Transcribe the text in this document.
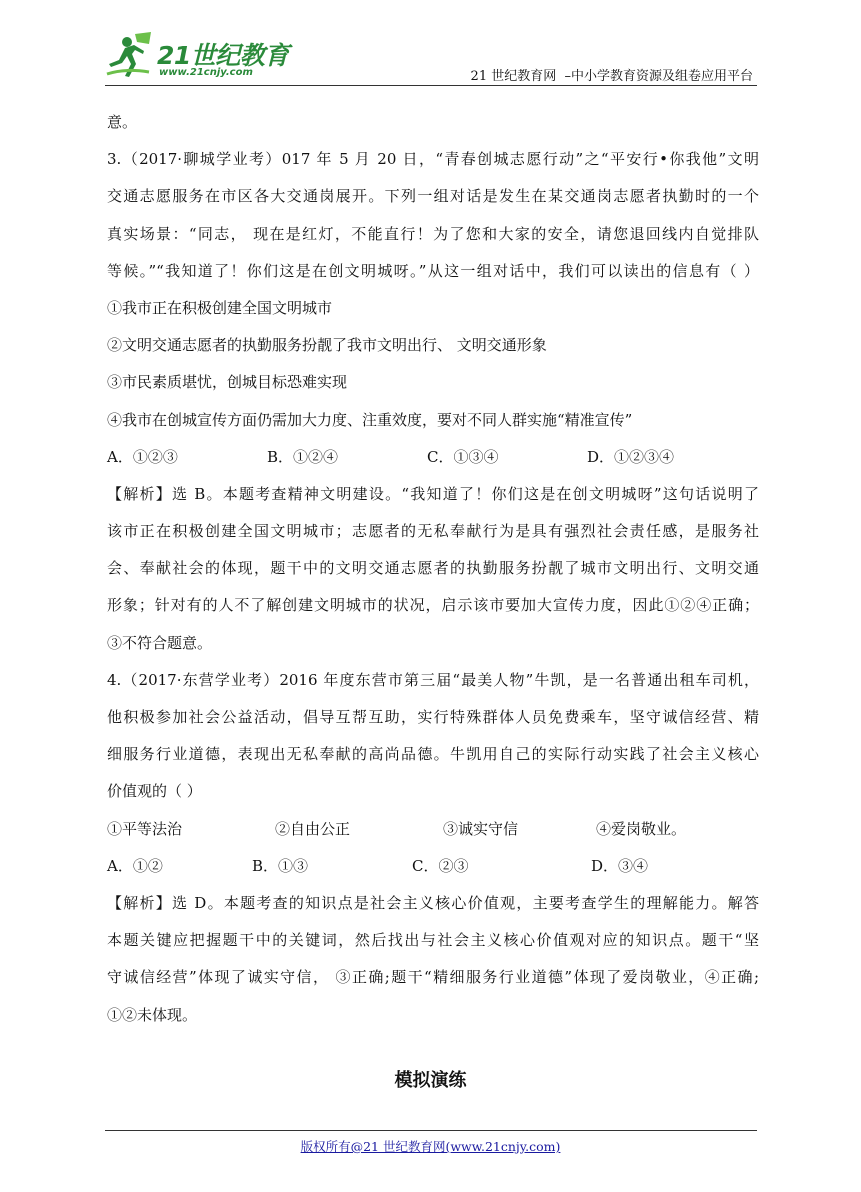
21世纪教育
www.21cnjy.com	21 世纪教育网  –中小学教育资源及组卷应用平台
意。
3.（2017·聊城学业考）017 年 5 月 20 日，“青春创城志愿行动”之“平安行•你我他”文明
交通志愿服务在市区各大交通岗展开。下列一组对话是发生在某交通岗志愿者执勤时的一个
真实场景：“同志， 现在是红灯，不能直行！为了您和大家的安全，请您退回线内自觉排队
等候。”“我知道了！你们这是在创文明城呀。”从这一组对话中，我们可以读出的信息有（ ）
①我市正在积极创建全国文明城市
②文明交通志愿者的执勤服务扮靓了我市文明出行、 文明交通形象
③市民素质堪忧，创城目标恐难实现
④我市在创城宣传方面仍需加大力度、注重效度，要对不同人群实施“精准宣传”
A．①②③	B．①②④	C．①③④	D．①②③④
【解析】选 B。本题考查精神文明建设。“我知道了！你们这是在创文明城呀”这句话说明了
该市正在积极创建全国文明城市；志愿者的无私奉献行为是具有强烈社会责任感，是服务社
会、奉献社会的体现，题干中的文明交通志愿者的执勤服务扮靓了城市文明出行、文明交通
形象；针对有的人不了解创建文明城市的状况，启示该市要加大宣传力度，因此①②④正确；
③不符合题意。
4.（2017·东营学业考）2016 年度东营市第三届“最美人物”牛凯，是一名普通出租车司机，
他积极参加社会公益活动，倡导互帮互助，实行特殊群体人员免费乘车，坚守诚信经营、精
细服务行业道德，表现出无私奉献的高尚品德。牛凯用自己的实际行动实践了社会主义核心
价值观的（ ）
①平等法治	②自由公正	③诚实守信	④爱岗敬业。
A．①②	B．①③	C．②③	D．③④
【解析】选 D。本题考查的知识点是社会主义核心价值观，主要考查学生的理解能力。解答
本题关键应把握题干中的关键词，然后找出与社会主义核心价值观对应的知识点。题干“坚
守诚信经营”体现了诚实守信， ③正确;题干“精细服务行业道德”体现了爱岗敬业，④正确;
①②未体现。
模拟演练
版权所有@21 世纪教育网(www.21cnjy.com)
